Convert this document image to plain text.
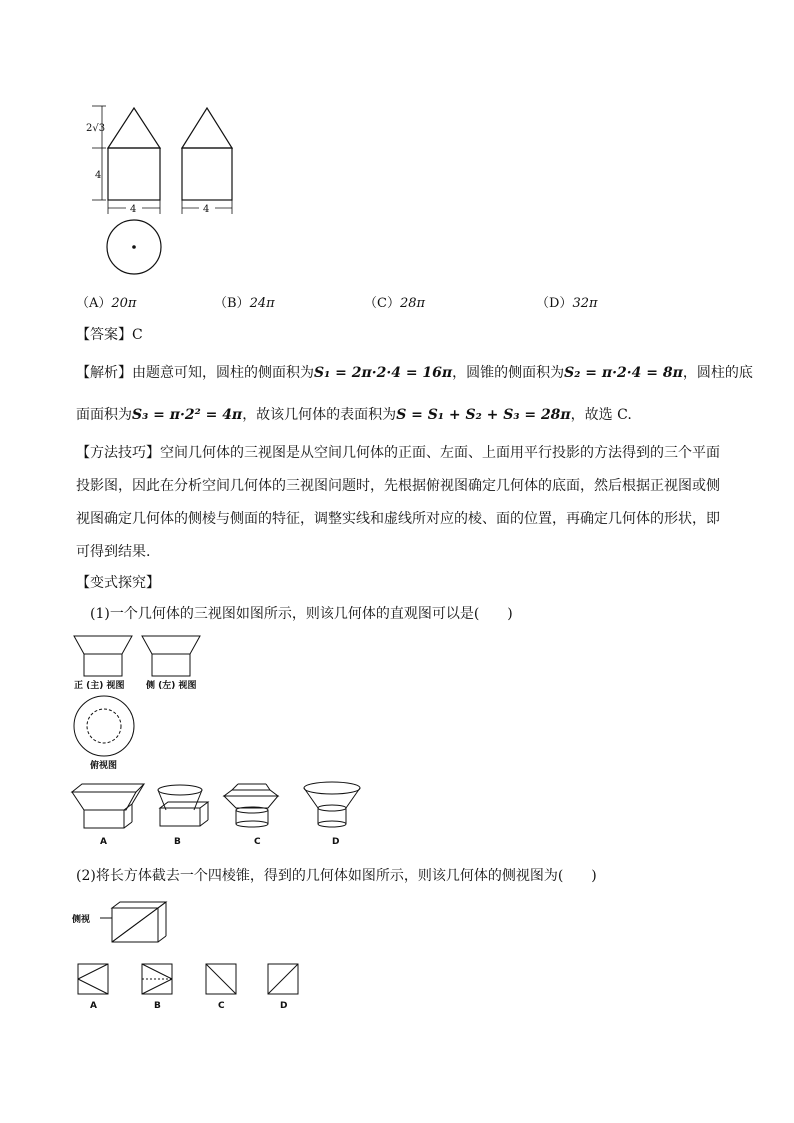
2√3
4
4	4
（A）20π	（B）24π	（C）28π	（D）32π
【答案】C
【解析】由题意可知，圆柱的侧面积为S₁ = 2π·2·4 = 16π，圆锥的侧面积为S₂ = π·2·4 = 8π，圆柱的底
面面积为S₃ = π·2² = 4π，故该几何体的表面积为S = S₁ + S₂ + S₃ = 28π，故选 C.
【方法技巧】空间几何体的三视图是从空间几何体的正面、左面、上面用平行投影的方法得到的三个平面
投影图，因此在分析空间几何体的三视图问题时，先根据俯视图确定几何体的底面，然后根据正视图或侧
视图确定几何体的侧棱与侧面的特征，调整实线和虚线所对应的棱、面的位置，再确定几何体的形状，即
可得到结果.
【变式探究】
(1)一个几何体的三视图如图所示，则该几何体的直观图可以是(　　)
正 (主) 视图 侧 (左) 视图
俯视图
A	B	C	D
(2)将长方体截去一个四棱锥，得到的几何体如图所示，则该几何体的侧视图为(　　)
侧视
A	B	C	D
